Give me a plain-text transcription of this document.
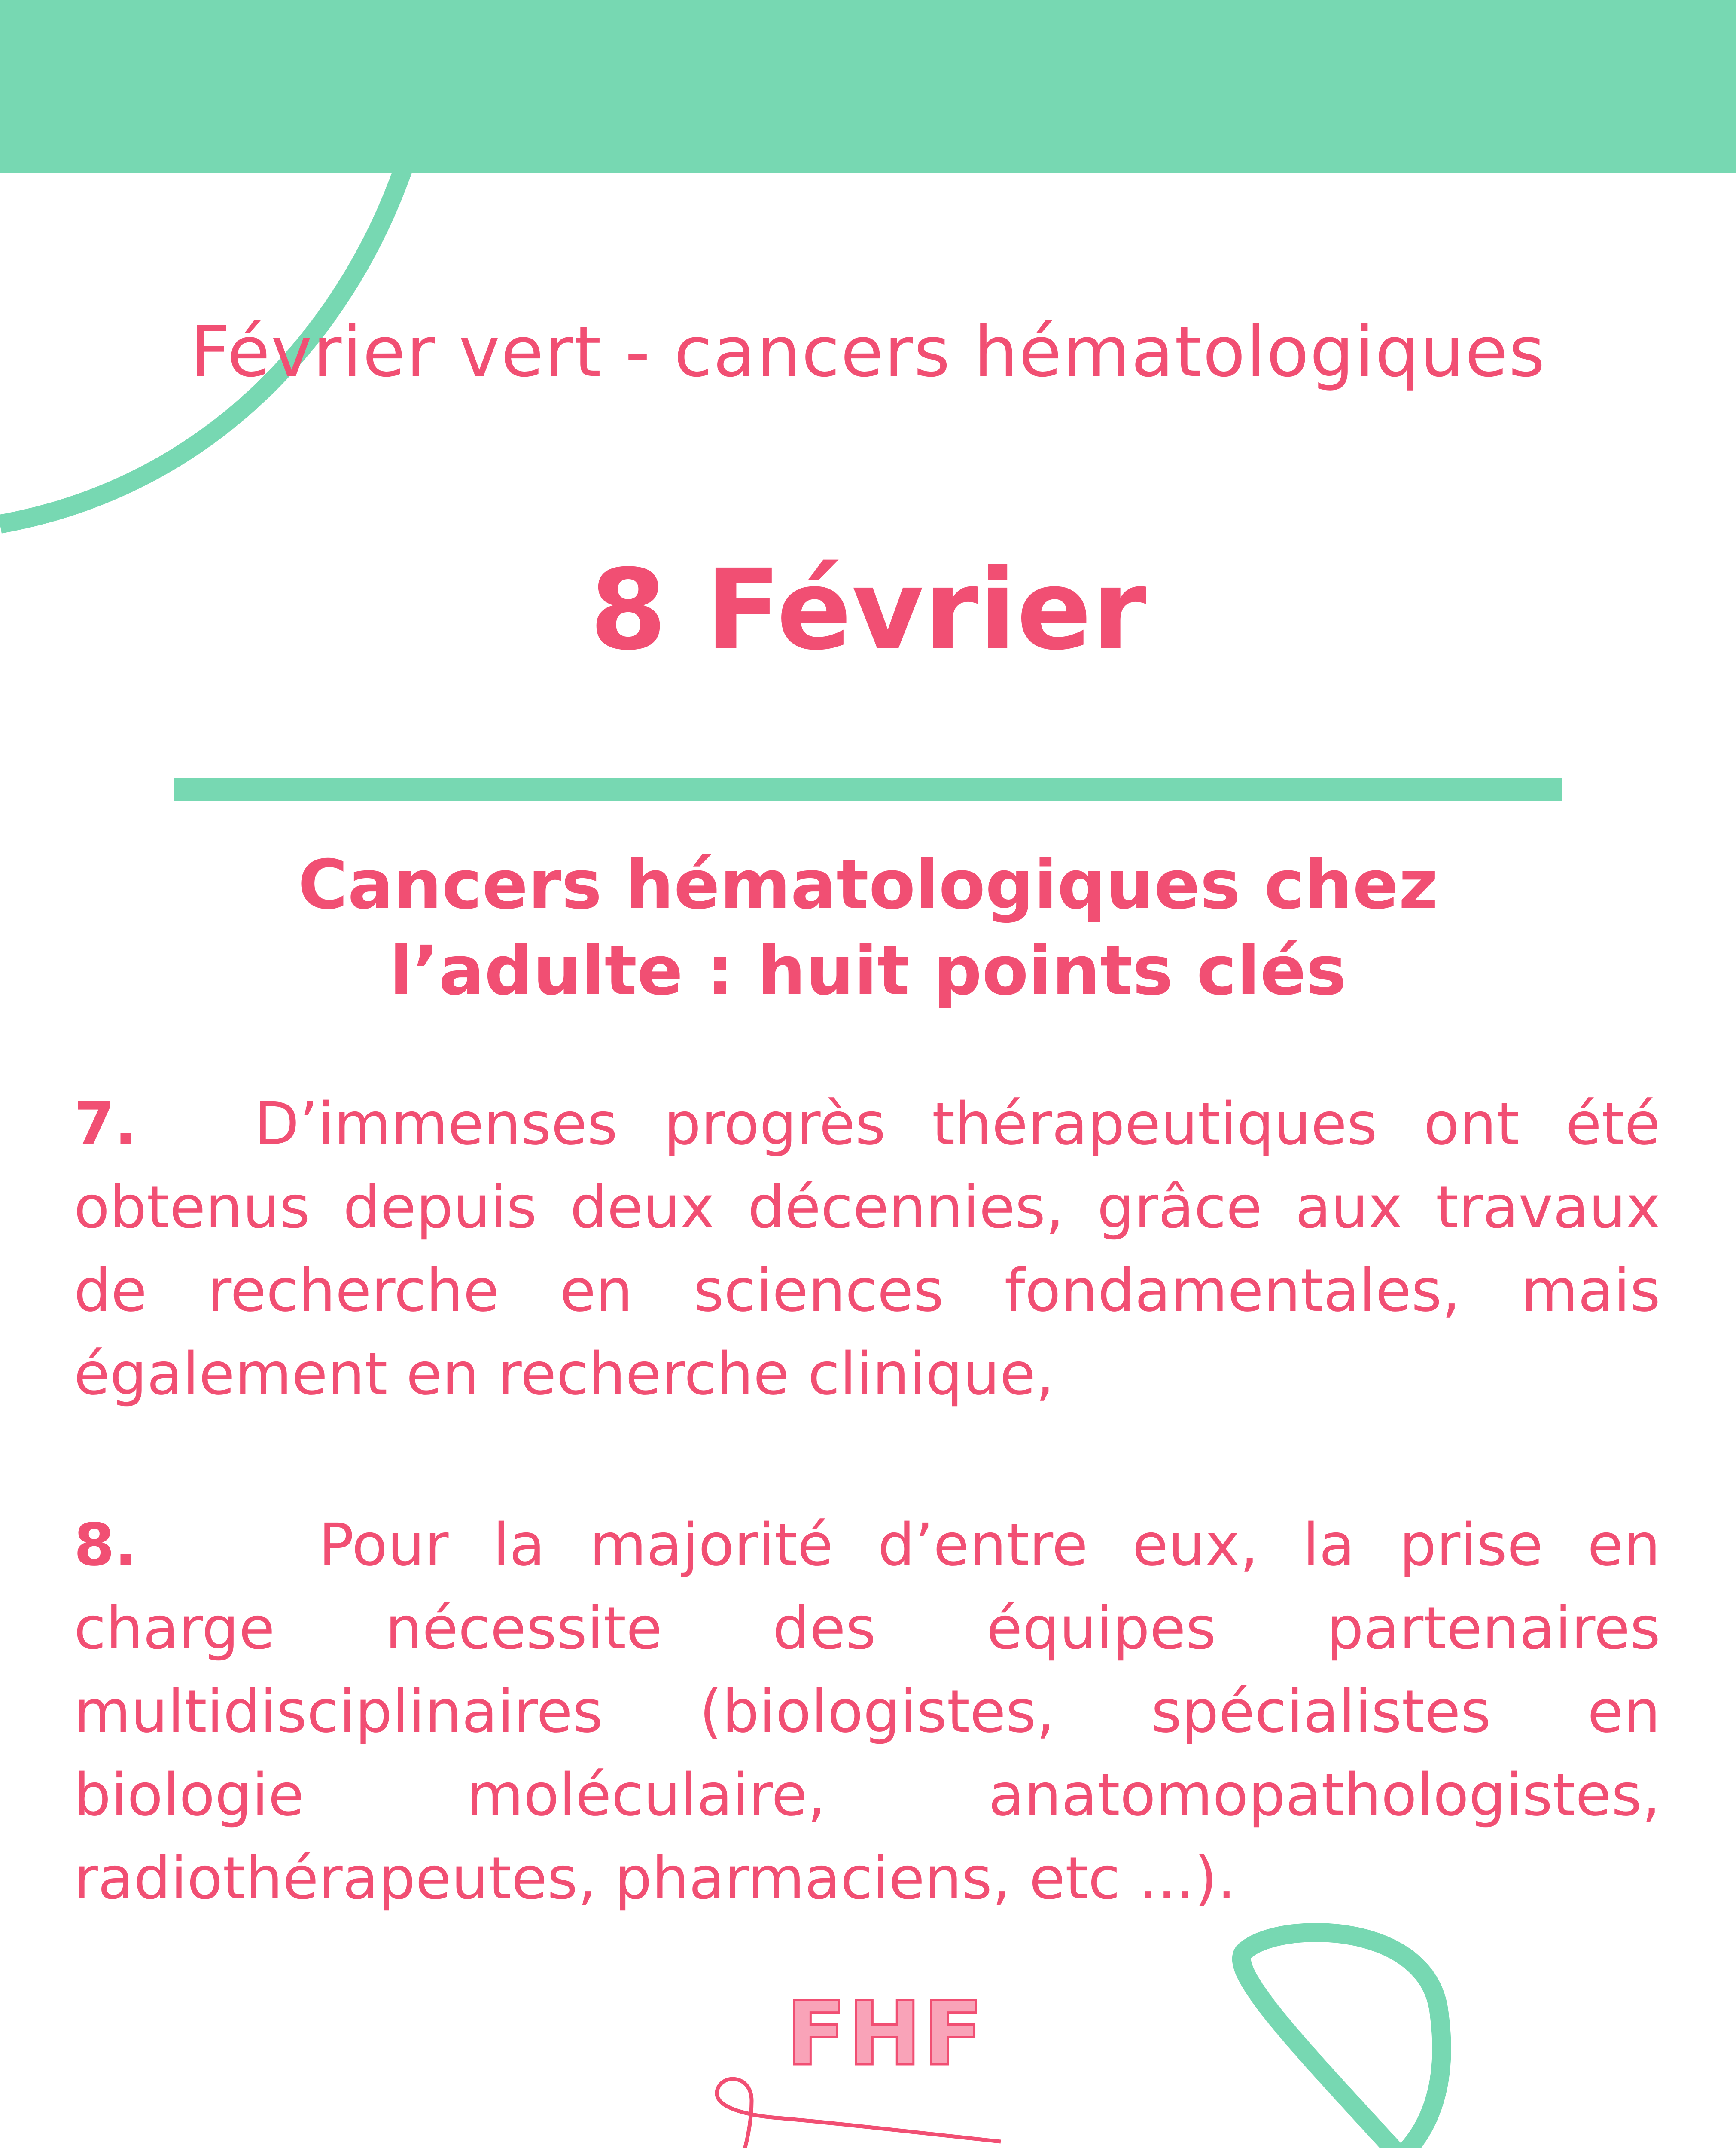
Février vert - cancers hématologiques
8 Février
Cancers hématologiques chez
l’adulte : huit points clés
7. D’immenses progrès thérapeutiques ont été obtenus depuis deux décennies, grâce aux travaux de recherche en sciences fondamentales, mais également en recherche clinique,
8.	Pour la majorité d’entre eux, la prise en charge nécessite des équipes partenaires multidisciplinaires (biologistes, spécialistes en biologie moléculaire, anatomopathologistes, radiothérapeutes, pharmaciens, etc ...).
FHF
